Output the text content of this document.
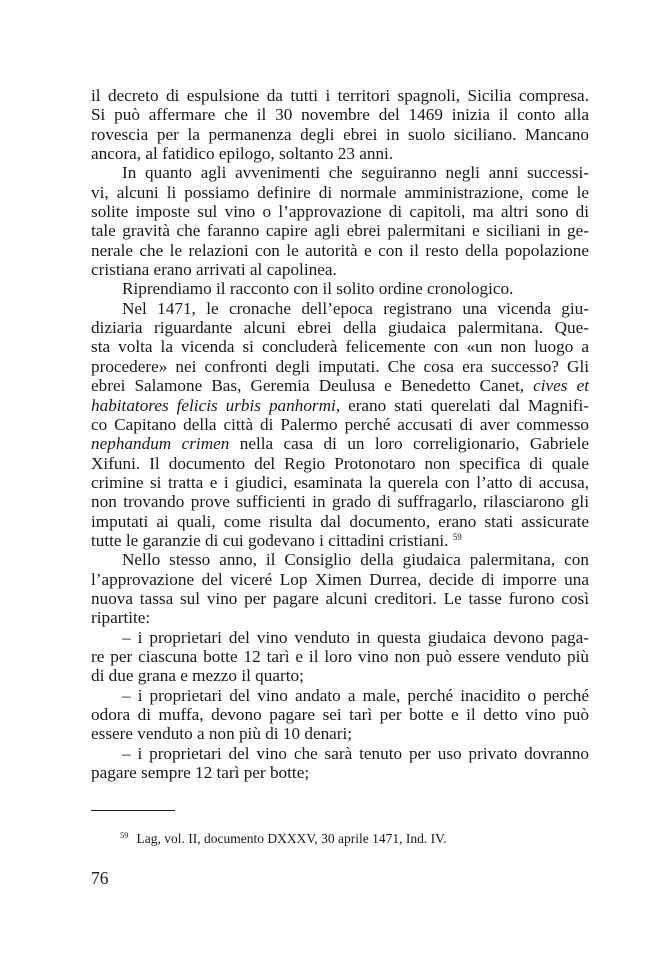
il decreto di espulsione da tutti i territori spagnoli, Sicilia compresa.
Si può affermare che il 30 novembre del 1469 inizia il conto alla
rovescia per la permanenza degli ebrei in suolo siciliano. Mancano
ancora, al fatidico epilogo, soltanto 23 anni.
In quanto agli avvenimenti che seguiranno negli anni successi-
vi, alcuni li possiamo definire di normale amministrazione, come le
solite imposte sul vino o l’approvazione di capitoli, ma altri sono di
tale gravità che faranno capire agli ebrei palermitani e siciliani in ge-
nerale che le relazioni con le autorità e con il resto della popolazione
cristiana erano arrivati al capolinea.
Riprendiamo il racconto con il solito ordine cronologico.
Nel 1471, le cronache dell’epoca registrano una vicenda giu-
diziaria riguardante alcuni ebrei della giudaica palermitana. Que-
sta volta la vicenda si concluderà felicemente con «un non luogo a
procedere» nei confronti degli imputati. Che cosa era successo? Gli
ebrei Salamone Bas, Geremia Deulusa e Benedetto Canet, cives et
habitatores felicis urbis panhormi, erano stati querelati dal Magnifi-
co Capitano della città di Palermo perché accusati di aver commesso
nephandum crimen nella casa di un loro correligionario, Gabriele
Xifuni. Il documento del Regio Protonotaro non specifica di quale
crimine si tratta e i giudici, esaminata la querela con l’atto di accusa,
non trovando prove sufficienti in grado di suffragarlo, rilasciarono gli
imputati ai quali, come risulta dal documento, erano stati assicurate
tutte le garanzie di cui godevano i cittadini cristiani. $^{59}$
Nello stesso anno, il Consiglio della giudaica palermitana, con
l’approvazione del viceré Lop Ximen Durrea, decide di imporre una
nuova tassa sul vino per pagare alcuni creditori. Le tasse furono così
ripartite:
– i proprietari del vino venduto in questa giudaica devono paga-
re per ciascuna botte 12 tarì e il loro vino non può essere venduto più
di due grana e mezzo il quarto;
– i proprietari del vino andato a male, perché inacidito o perché
odora di muffa, devono pagare sei tarì per botte e il detto vino può
essere venduto a non più di 10 denari;
– i proprietari del vino che sarà tenuto per uso privato dovranno
pagare sempre 12 tarì per botte;
$^{59}$ Lag, vol. II, documento DXXXV, 30 aprile 1471, Ind. IV.
76
